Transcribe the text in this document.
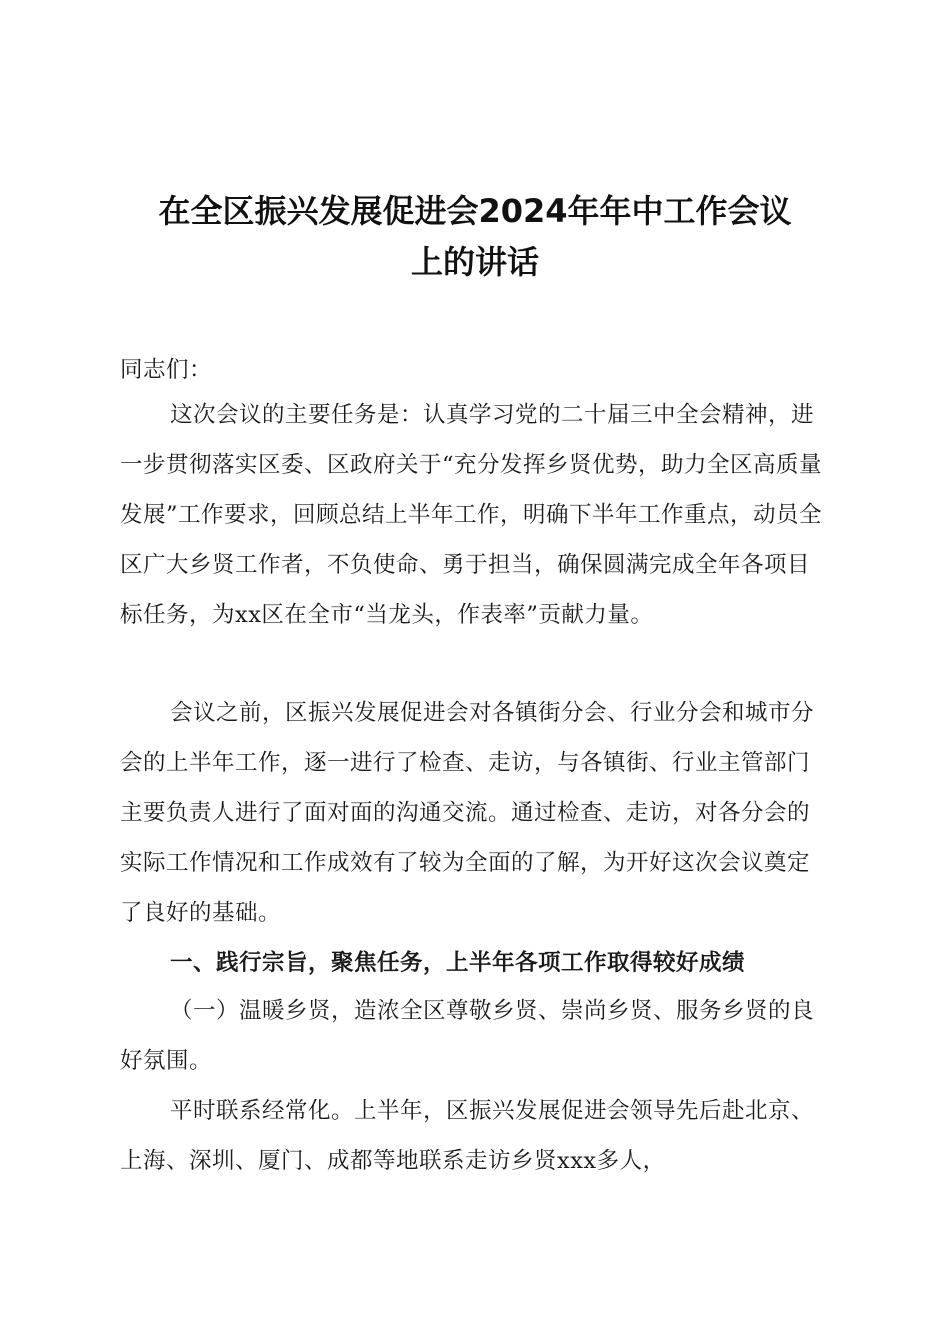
在全区振兴发展促进会2024年年中工作会议
上的讲话

同志们：

这次会议的主要任务是：认真学习党的二十届三中全会精神，进一步贯彻落实区委、区政府关于“充分发挥乡贤优势，助力全区高质量发展”工作要求，回顾总结上半年工作，明确下半年工作重点，动员全区广大乡贤工作者，不负使命、勇于担当，确保圆满完成全年各项目标任务，为xx区在全市“当龙头，作表率”贡献力量。

会议之前，区振兴发展促进会对各镇街分会、行业分会和城市分会的上半年工作，逐一进行了检查、走访，与各镇街、行业主管部门主要负责人进行了面对面的沟通交流。通过检查、走访，对各分会的实际工作情况和工作成效有了较为全面的了解，为开好这次会议奠定了良好的基础。

一、践行宗旨，聚焦任务，上半年各项工作取得较好成绩

（一）温暖乡贤，造浓全区尊敬乡贤、崇尚乡贤、服务乡贤的良好氛围。

平时联系经常化。上半年，区振兴发展促进会领导先后赴北京、上海、深圳、厦门、成都等地联系走访乡贤xxx多人，
